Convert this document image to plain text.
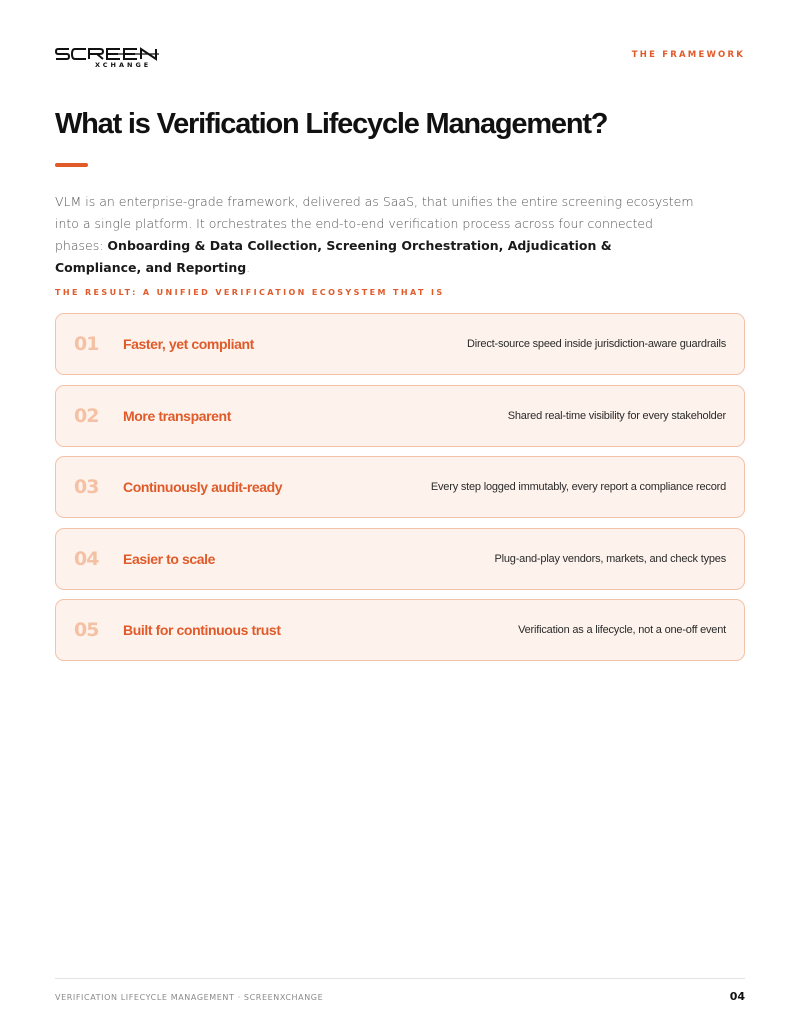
XCHANGE
THE FRAMEWORK
What is Verification Lifecycle Management?

VLM is an enterprise-grade framework, delivered as SaaS, that unifies the entire screening ecosystem into a single platform. It orchestrates the end-to-end verification process across four connected phases: Onboarding & Data Collection, Screening Orchestration, Adjudication & Compliance, and Reporting.

THE RESULT: A UNIFIED VERIFICATION ECOSYSTEM THAT IS
01 Faster, yet compliant	Direct-source speed inside jurisdiction-aware guardrails
02 More transparent	Shared real-time visibility for every stakeholder
03 Continuously audit-ready	Every step logged immutably, every report a compliance record
04 Easier to scale	Plug-and-play vendors, markets, and check types
05 Built for continuous trust	Verification as a lifecycle, not a one-off event
VERIFICATION LIFECYCLE MANAGEMENT · SCREENXCHANGE	04
